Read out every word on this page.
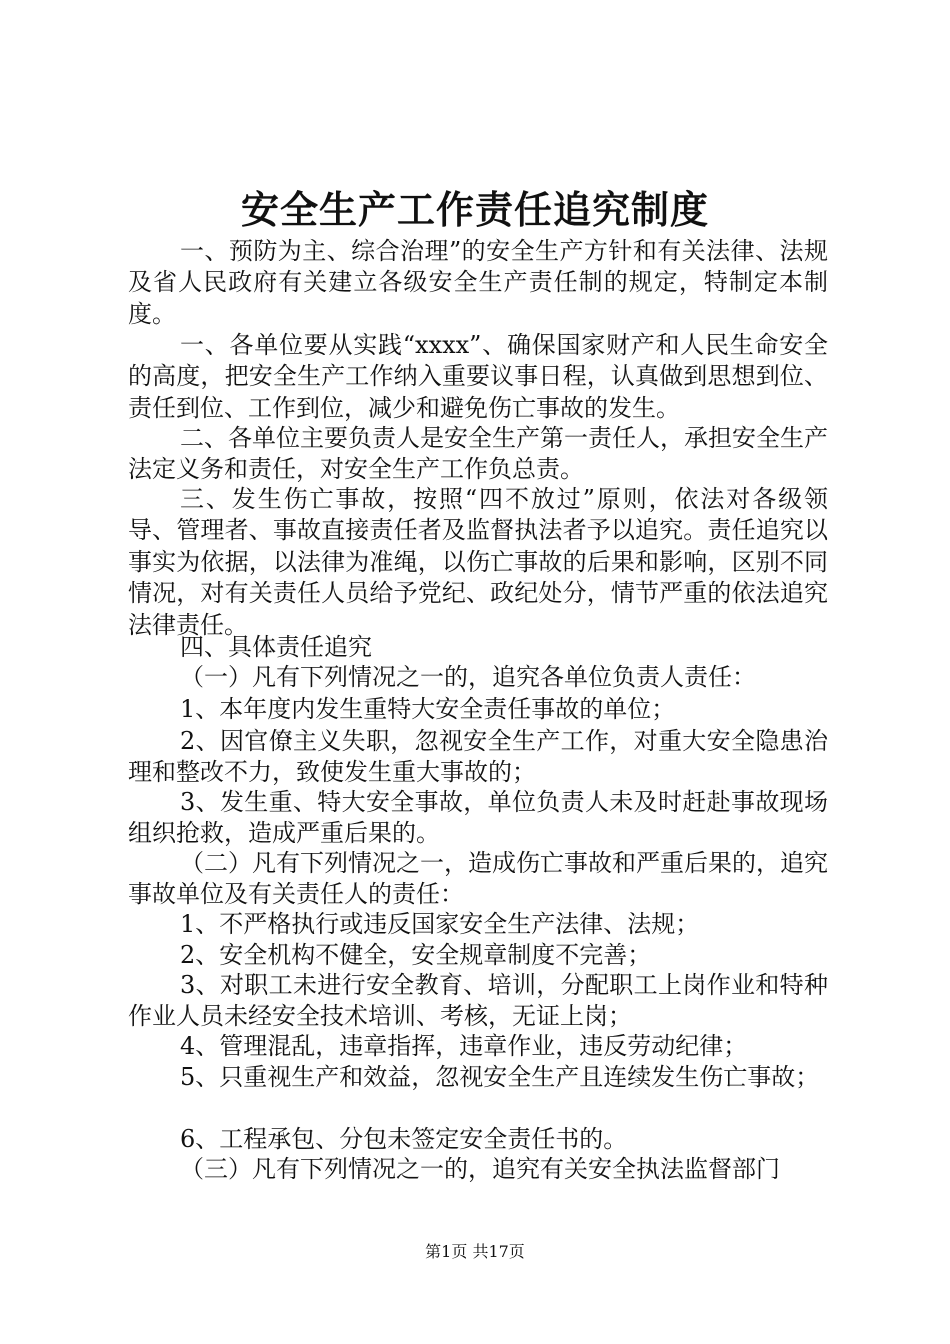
安全生产工作责任追究制度

一、预防为主、综合治理”的安全生产方针和有关法律、法规及省人民政府有关建立各级安全生产责任制的规定，特制定本制度。

一、各单位要从实践“xxxx”、确保国家财产和人民生命安全的高度，把安全生产工作纳入重要议事日程，认真做到思想到位、责任到位、工作到位，减少和避免伤亡事故的发生。

二、各单位主要负责人是安全生产第一责任人，承担安全生产法定义务和责任，对安全生产工作负总责。

三、发生伤亡事故，按照“四不放过”原则，依法对各级领导、管理者、事故直接责任者及监督执法者予以追究。责任追究以事实为依据，以法律为准绳，以伤亡事故的后果和影响，区别不同情况，对有关责任人员给予党纪、政纪处分，情节严重的依法追究法律责任。

四、具体责任追究

（一）凡有下列情况之一的，追究各单位负责人责任：

1、本年度内发生重特大安全责任事故的单位；

2、因官僚主义失职，忽视安全生产工作，对重大安全隐患治理和整改不力，致使发生重大事故的；

3、发生重、特大安全事故，单位负责人未及时赶赴事故现场组织抢救，造成严重后果的。

（二）凡有下列情况之一，造成伤亡事故和严重后果的，追究事故单位及有关责任人的责任：

1、不严格执行或违反国家安全生产法律、法规；

2、安全机构不健全，安全规章制度不完善；

3、对职工未进行安全教育、培训，分配职工上岗作业和特种作业人员未经安全技术培训、考核，无证上岗；

4、管理混乱，违章指挥，违章作业，违反劳动纪律；

5、只重视生产和效益，忽视安全生产且连续发生伤亡事故；

6、工程承包、分包未签定安全责任书的。

（三）凡有下列情况之一的，追究有关安全执法监督部门

第1页 共17页
